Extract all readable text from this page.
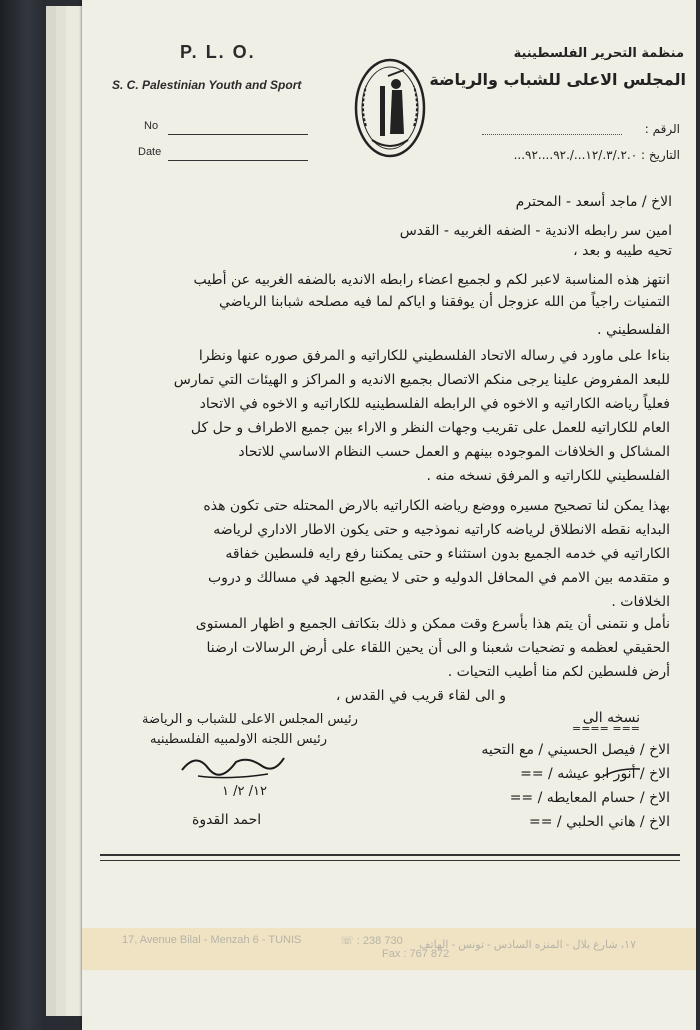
P. L. O.
S. C. Palestinian Youth and Sport
منظمة التحرير الفلسطينية
المجلس الاعلى للشباب والرياضة
No
Date
الرقم :
التاريخ : ۲.٠./۳./۱۲.../.۹۲....۹۲...
الاخ / ماجد أسعد - المحترم
امين سر رابطه الاندية - الضفه الغربيه - القدس
تحيه طيبه و بعد ،
انتهز هذه المناسبة لاعبر لكم و لجميع اعضاء رابطه الانديه بالضفه الغربيه عن أطيب
التمنيات راجياً من الله عزوجل أن يوفقنا و اياكم لما فيه مصلحه شبابنا الرياضي
الفلسطيني .
بناءا على ماورد في رساله الاتحاد الفلسطيني للكاراتيه و المرفق صوره عنها ونظرا
للبعد المفروض علينا يرجى منكم الاتصال بجميع الانديه و المراكز و الهيئات التي تمارس
فعلياً رياضه الكاراتيه و الاخوه في الرابطه الفلسطينيه للكاراتيه و الاخوه في الاتحاد
العام للكاراتيه للعمل على تقريب وجهات النظر و الاراء بين جميع الاطراف و حل كل
المشاكل و الخلافات الموجوده بينهم و العمل حسب النظام الاساسي للاتحاد
الفلسطيني للكاراتيه و المرفق نسخه منه .
بهذا يمكن لنا تصحيح مسيره ووضع رياضه الكاراتيه بالارض المحتله حتى تكون هذه
البدايه نقطه الانطلاق لرياضه كاراتيه نموذجيه و حتى يكون الاطار الاداري لرياضه
الكاراتيه في خدمه الجميع بدون استثناء و حتى يمكننا رفع رايه فلسطين خفاقه
و متقدمه بين الامم في المحافل الدوليه و حتى لا يضيع الجهد في مسالك و دروب
الخلافات .
نأمل و نتمنى أن يتم هذا بأسرع وقت ممكن و ذلك بتكاتف الجميع و اظهار المستوى
الحقيقي لعظمه و تضحيات شعبنا و الى أن يحين اللقاء على أرض الرسالات ارضنا
أرض فلسطين لكم منا أطيب التحيات .
و الى لقاء قريب في القدس ،
رئيس المجلس الاعلى للشباب و الرياضة
رئيس اللجنه الاولمبيه الفلسطينيه
١٢/ ٢/ ١
احمد القدوة
نسخه الى
=== ====
الاخ / فيصل الحسيني / مع التحيه
الاخ / أنور ابو عيشه / ==
الاخ / حسام المعايطه / ==
الاخ / هاني الحلبي / ==
17, Avenue Bilal - Menzah 6 - TUNIS	☏ : 238 730
Fax : 767 872
١٧، شارع بلال - المنزه السادس - تونس - الهاتف
